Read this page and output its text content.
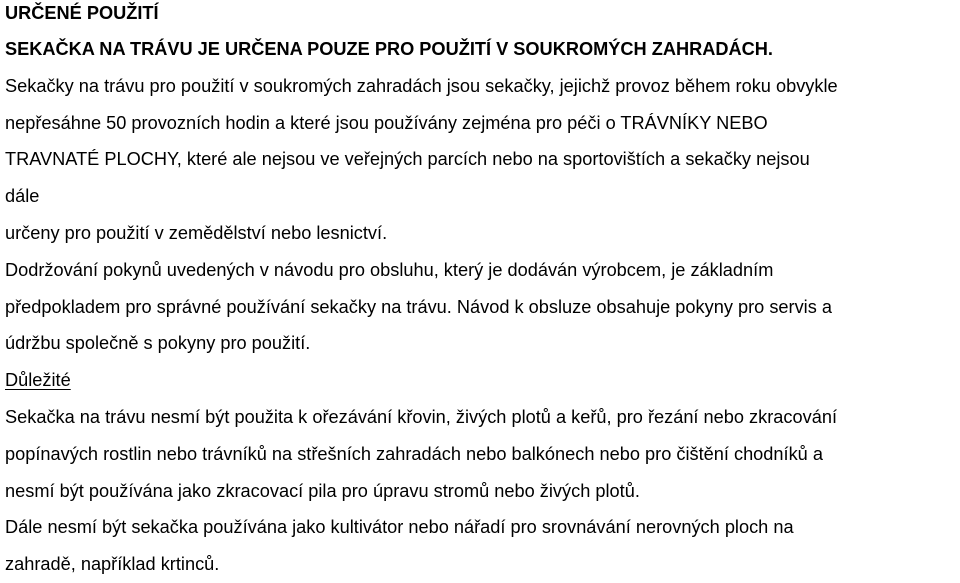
URČENÉ POUŽITÍ
SEKAČKA NA TRÁVU JE URČENA POUZE PRO POUŽITÍ V SOUKROMÝCH ZAHRADÁCH.
Sekačky na trávu pro použití v soukromých zahradách jsou sekačky, jejichž provoz během roku obvykle
nepřesáhne 50 provozních hodin a které jsou používány zejména pro péči o TRÁVNÍKY NEBO
TRAVNATÉ PLOCHY, které ale nejsou ve veřejných parcích nebo na sportovištích a sekačky nejsou
dále
určeny pro použití v zemědělství nebo lesnictví.
Dodržování pokynů uvedených v návodu pro obsluhu, který je dodáván výrobcem, je základním
předpokladem pro správné používání sekačky na trávu. Návod k obsluze obsahuje pokyny pro servis a
údržbu společně s pokyny pro použití.
Důležité
Sekačka na trávu nesmí být použita k ořezávání křovin, živých plotů a keřů, pro řezání nebo zkracování
popínavých rostlin nebo trávníků na střešních zahradách nebo balkónech nebo pro čištění chodníků a
nesmí být používána jako zkracovací pila pro úpravu stromů nebo živých plotů.
Dále nesmí být sekačka používána jako kultivátor nebo nářadí pro srovnávání nerovných ploch na
zahradě, například krtinců.
